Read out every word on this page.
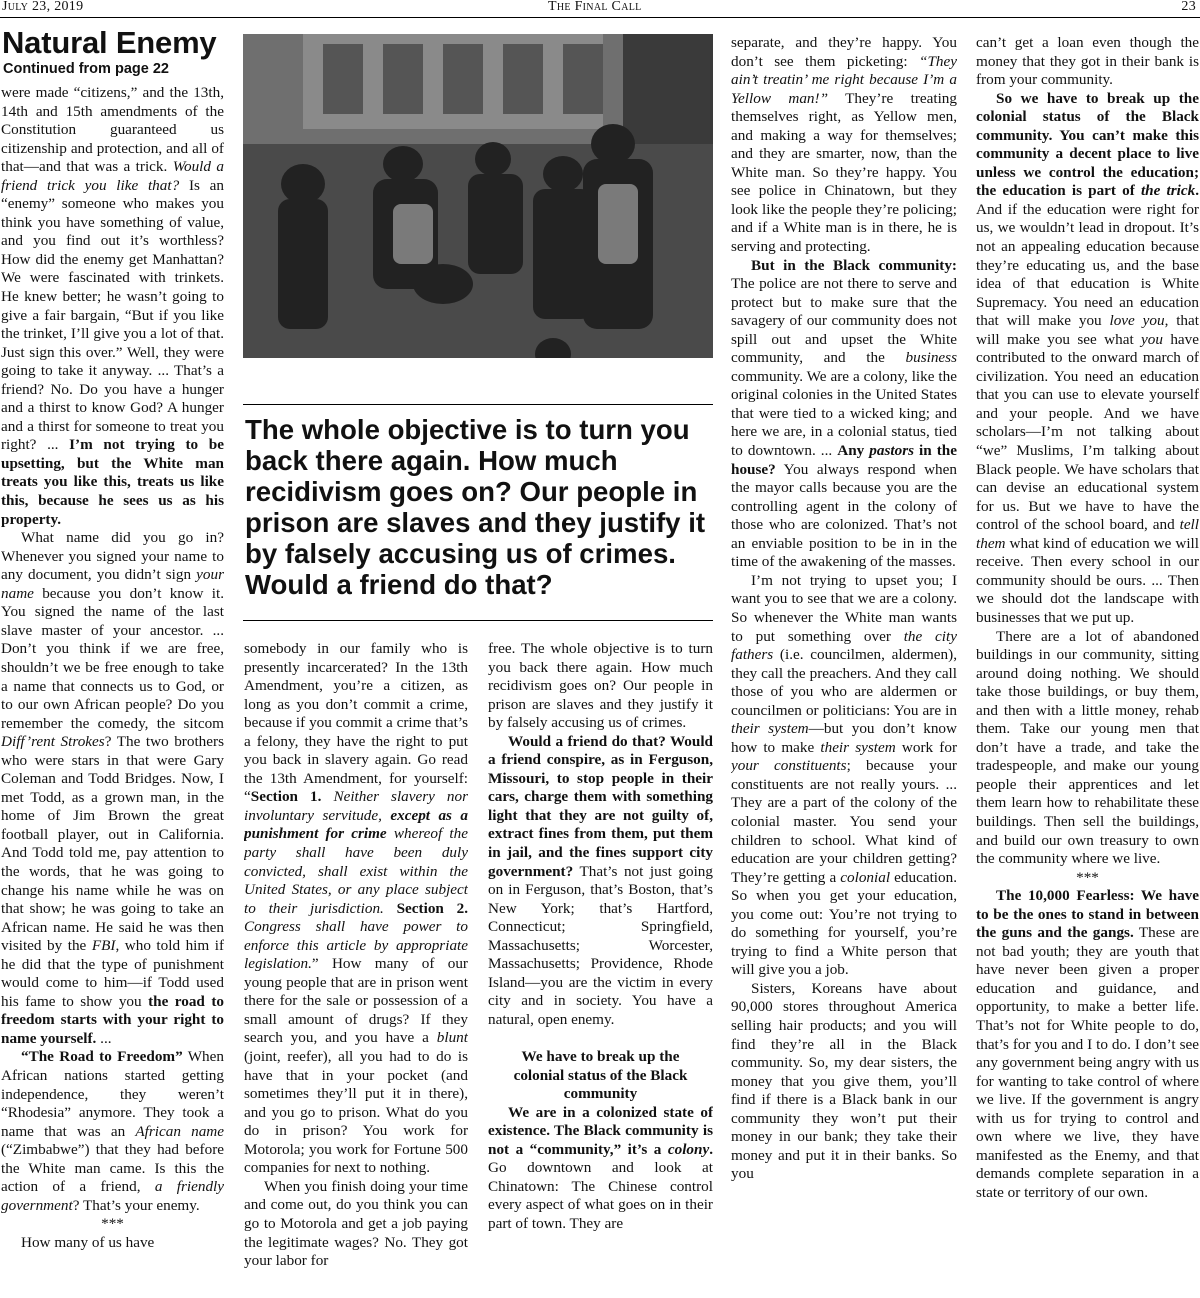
July 23, 2019	The Final Call	23
Natural Enemy
Continued from page 22

were made “citizens,” and the 13th, 14th and 15th amendments of the Constitution guaranteed us citizenship and protection, and all of that—and that was a trick. Would a friend trick you like that? Is an “enemy” someone who makes you think you have something of value, and you find out it’s worthless? How did the enemy get Manhattan? We were fascinated with trinkets. He knew better; he wasn’t going to give a fair bargain, “But if you like the trinket, I’ll give you a lot of that. Just sign this over.” Well, they were going to take it anyway. ... That’s a friend? No. Do you have a hunger and a thirst to know God? A hunger and a thirst for someone to treat you right? ... I’m not trying to be upsetting, but the White man treats you like this, treats us like this, because he sees us as his property.

What name did you go in? Whenever you signed your name to any document, you didn’t sign your name because you don’t know it. You signed the name of the last slave master of your ancestor. ... Don’t you think if we are free, shouldn’t we be free enough to take a name that connects us to God, or to our own African people? Do you remember the comedy, the sitcom Diff’rent Strokes? The two brothers who were stars in that were Gary Coleman and Todd Bridges. Now, I met Todd, as a grown man, in the home of Jim Brown the great football player, out in California. And Todd told me, pay attention to the words, that he was going to change his name while he was on that show; he was going to take an African name. He said he was then visited by the FBI, who told him if he did that the type of punishment would come to him—if Todd used his fame to show you the road to freedom starts with your right to name yourself. ...

“The Road to Freedom” When African nations started getting independence, they weren’t “Rhodesia” anymore. They took a name that was an African name (“Zimbabwe”) that they had before the White man came. Is this the action of a friend, a friendly government? That’s your enemy.

***

How many of us have

The whole objective is to turn you back there again. How much recidivism goes on? Our people in prison are slaves and they justify it by falsely accusing us of crimes. Would a friend do that?

somebody in our family who is presently incarcerated? In the 13th Amendment, you’re a citizen, as long as you don’t commit a crime, because if you commit a crime that’s a felony, they have the right to put you back in slavery again. Go read the 13th Amendment, for yourself: “Section 1. Neither slavery nor involuntary servitude, except as a punishment for crime whereof the party shall have been duly convicted, shall exist within the United States, or any place subject to their jurisdiction. Section 2. Congress shall have power to enforce this article by appropriate legislation.” How many of our young people that are in prison went there for the sale or possession of a small amount of drugs? If they search you, and you have a blunt (joint, reefer), all you had to do is have that in your pocket (and sometimes they’ll put it in there), and you go to prison. What do you do in prison? You work for Motorola; you work for Fortune 500 companies for next to nothing.

When you finish doing your time and come out, do you think you can go to Motorola and get a job paying the legitimate wages? No. They got your labor for

free. The whole objective is to turn you back there again. How much recidivism goes on? Our people in prison are slaves and they justify it by falsely accusing us of crimes.

Would a friend do that? Would a friend conspire, as in Ferguson, Missouri, to stop people in their cars, charge them with something light that they are not guilty of, extract fines from them, put them in jail, and the fines support city government? That’s not just going on in Ferguson, that’s Boston, that’s New York; that’s Hartford, Connecticut; Springfield, Massachusetts; Worcester, Massachusetts; Providence, Rhode Island—you are the victim in every city and in society. You have a natural, open enemy.

We have to break up the colonial status of the Black community

We are in a colonized state of existence. The Black community is not a “community,” it’s a colony. Go downtown and look at Chinatown: The Chinese control every aspect of what goes on in their part of town. They are

separate, and they’re happy. You don’t see them picketing: “They ain’t treatin’ me right because I’m a Yellow man!” They’re treating themselves right, as Yellow men, and making a way for themselves; and they are smarter, now, than the White man. So they’re happy. You see police in Chinatown, but they look like the people they’re policing; and if a White man is in there, he is serving and protecting.

But in the Black community: The police are not there to serve and protect but to make sure that the savagery of our community does not spill out and upset the White community, and the business community. We are a colony, like the original colonies in the United States that were tied to a wicked king; and here we are, in a colonial status, tied to downtown. ... Any pastors in the house? You always respond when the mayor calls because you are the controlling agent in the colony of those who are colonized. That’s not an enviable position to be in in the time of the awakening of the masses.

I’m not trying to upset you; I want you to see that we are a colony. So whenever the White man wants to put something over the city fathers (i.e. councilmen, aldermen), they call the preachers. And they call those of you who are aldermen or councilmen or politicians: You are in their system—but you don’t know how to make their system work for your constituents; because your constituents are not really yours. ... They are a part of the colony of the colonial master. You send your children to school. What kind of education are your children getting? They’re getting a colonial education. So when you get your education, you come out: You’re not trying to do something for yourself, you’re trying to find a White person that will give you a job.

Sisters, Koreans have about 90,000 stores throughout America selling hair products; and you will find they’re all in the Black community. So, my dear sisters, the money that you give them, you’ll find if there is a Black bank in our community they won’t put their money in our bank; they take their money and put it in their banks. So you

can’t get a loan even though the money that they got in their bank is from your community.

So we have to break up the colonial status of the Black community. You can’t make this community a decent place to live unless we control the education; the education is part of the trick. And if the education were right for us, we wouldn’t lead in dropout. It’s not an appealing education because they’re educating us, and the base idea of that education is White Supremacy. You need an education that will make you love you, that will make you see what you have contributed to the onward march of civilization. You need an education that you can use to elevate yourself and your people. And we have scholars—I’m not talking about “we” Muslims, I’m talking about Black people. We have scholars that can devise an educational system for us. But we have to have the control of the school board, and tell them what kind of education we will receive. Then every school in our community should be ours. ... Then we should dot the landscape with businesses that we put up.

There are a lot of abandoned buildings in our community, sitting around doing nothing. We should take those buildings, or buy them, and then with a little money, rehab them. Take our young men that don’t have a trade, and take the tradespeople, and make our young people their apprentices and let them learn how to rehabilitate these buildings. Then sell the buildings, and build our own treasury to own the community where we live.

***

The 10,000 Fearless: We have to be the ones to stand in between the guns and the gangs. These are not bad youth; they are youth that have never been given a proper education and guidance, and opportunity, to make a better life. That’s not for White people to do, that’s for you and I to do. I don’t see any government being angry with us for wanting to take control of where we live. If the government is angry with us for trying to control and own where we live, they have manifested as the Enemy, and that demands complete separation in a state or territory of our own.
